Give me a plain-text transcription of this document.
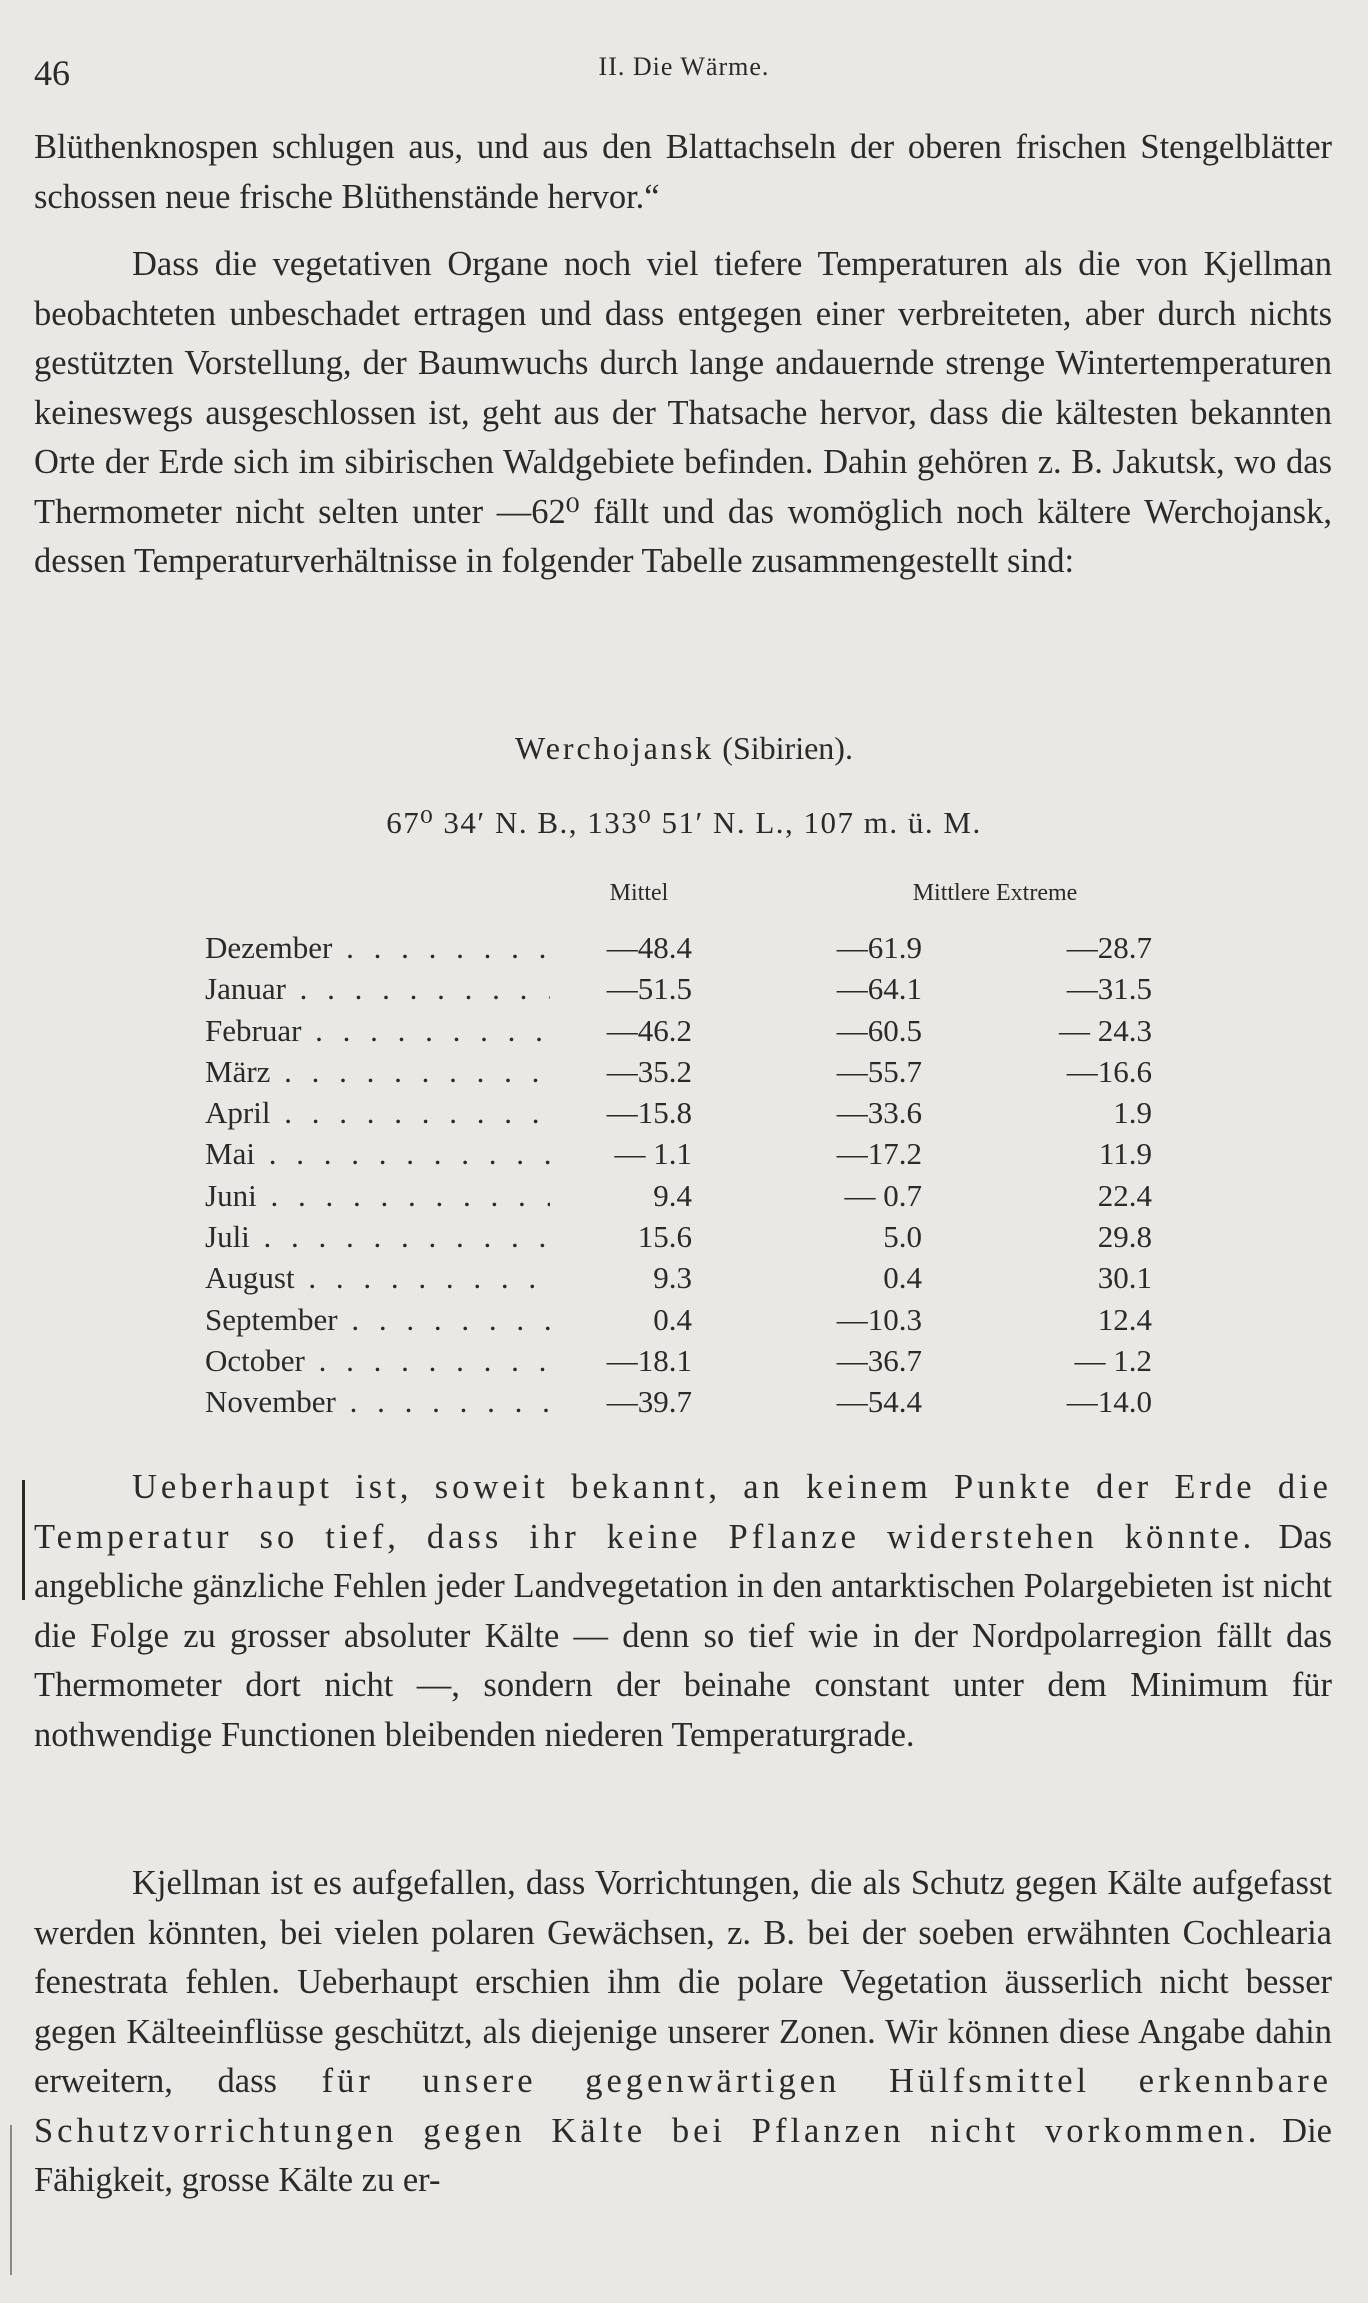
46	II. Die Wärme.

Blüthenknospen schlugen aus, und aus den Blattachseln der oberen frischen Stengelblätter schossen neue frische Blüthenstände hervor.“

Dass die vegetativen Organe noch viel tiefere Temperaturen als die von Kjellman beobachteten unbeschadet ertragen und dass entgegen einer verbreiteten, aber durch nichts gestützten Vorstellung, der Baumwuchs durch lange andauernde strenge Wintertemperaturen keineswegs ausgeschlossen ist, geht aus der Thatsache hervor, dass die kältesten bekannten Orte der Erde sich im sibirischen Waldgebiete befinden. Dahin gehören z. B. Jakutsk, wo das Thermometer nicht selten unter —62⁰ fällt und das womöglich noch kältere Werchojansk, dessen Temperaturverhältnisse in folgender Tabelle zusammengestellt sind:

Werchojansk (Sibirien).
67⁰ 34′ N. B., 133⁰ 51′ N. L., 107 m. ü. M.
Mittel	Mittlere Extreme
Dezember . . .	—48.4	—61.9	—28.7
Januar . . .	—51.5	—64.1	—31.5
Februar . . .	—46.2	—60.5	— 24.3
März . . .	—35.2	—55.7	—16.6
April . . .	—15.8	—33.6	1.9
Mai . . .	— 1.1	—17.2	11.9
Juni . . .	9.4	— 0.7	22.4
Juli . . .	15.6	5.0	29.8
August . . .	9.3	0.4	30.1
September . . .	0.4	—10.3	12.4
October . . .	—18.1	—36.7	— 1.2
November . . .	—39.7	—54.4	—14.0

Ueberhaupt ist, soweit bekannt, an keinem Punkte der Erde die Temperatur so tief, dass ihr keine Pflanze widerstehen könnte. Das angebliche gänzliche Fehlen jeder Landvegetation in den antarktischen Polargebieten ist nicht die Folge zu grosser absoluter Kälte — denn so tief wie in der Nordpolarregion fällt das Thermometer dort nicht —, sondern der beinahe constant unter dem Minimum für nothwendige Functionen bleibenden niederen Temperaturgrade.

Kjellman ist es aufgefallen, dass Vorrichtungen, die als Schutz gegen Kälte aufgefasst werden könnten, bei vielen polaren Gewächsen, z. B. bei der soeben erwähnten Cochlearia fenestrata fehlen. Ueberhaupt erschien ihm die polare Vegetation äusserlich nicht besser gegen Kälteeinflüsse geschützt, als diejenige unserer Zonen. Wir können diese Angabe dahin erweitern, dass für unsere gegenwärtigen Hülfsmittel erkennbare Schutzvorrichtungen gegen Kälte bei Pflanzen nicht vorkommen. Die Fähigkeit, grosse Kälte zu er-
